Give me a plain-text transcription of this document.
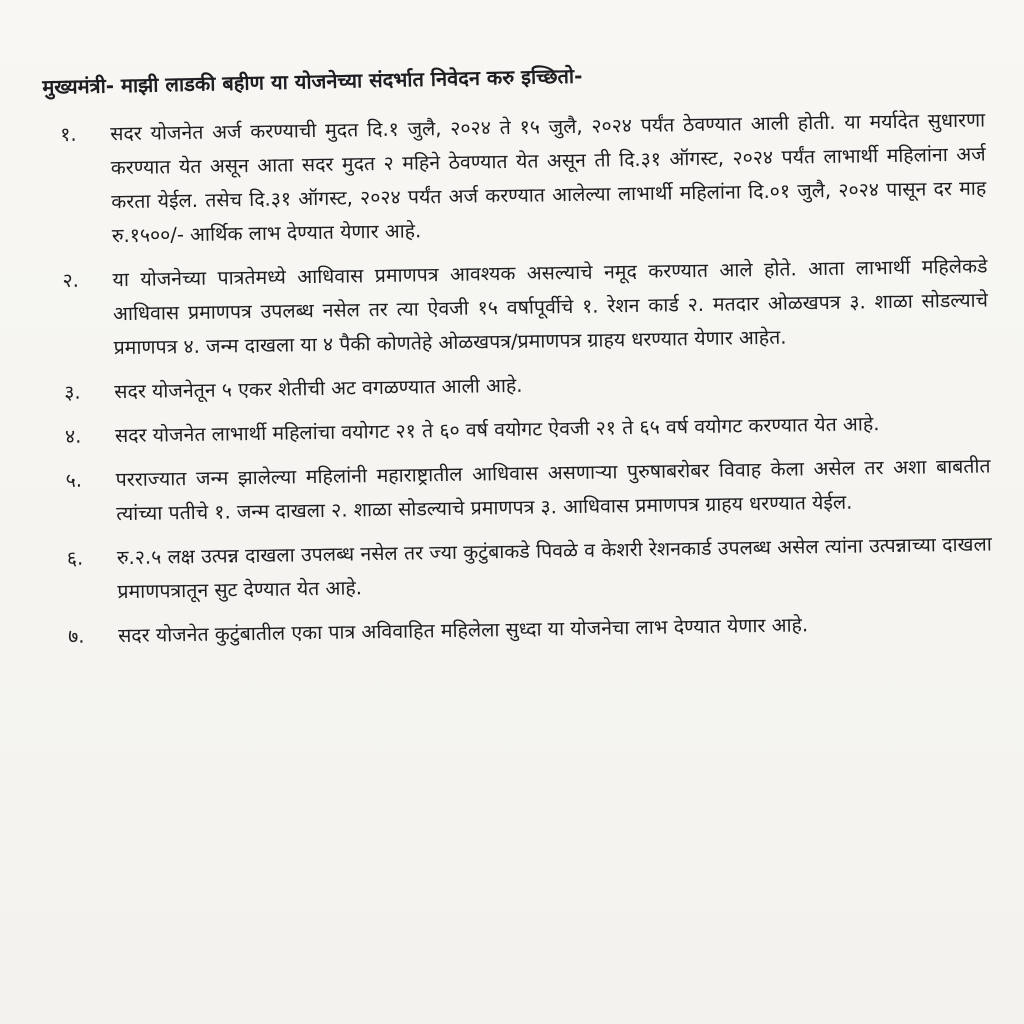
मुख्यमंत्री- माझी लाडकी बहीण या योजनेच्या संदर्भात निवेदन करु इच्छितो-
१.	सदर योजनेत अर्ज करण्याची मुदत दि.१ जुलै, २०२४ ते १५ जुलै, २०२४ पर्यंत ठेवण्यात आली होती. या मर्यादेत सुधारणा करण्यात येत असून आता सदर मुदत २ महिने ठेवण्यात येत असून ती दि.३१ ऑगस्ट, २०२४ पर्यंत लाभार्थी महिलांना अर्ज करता येईल. तसेच दि.३१ ऑगस्ट, २०२४ पर्यंत अर्ज करण्यात आलेल्या लाभार्थी महिलांना दि.०१ जुलै, २०२४ पासून दर माह रु.१५००/- आर्थिक लाभ देण्यात येणार आहे.
२.	या योजनेच्या पात्रतेमध्ये आधिवास प्रमाणपत्र आवश्यक असल्याचे नमूद करण्यात आले होते. आता लाभार्थी महिलेकडे आधिवास प्रमाणपत्र उपलब्ध नसेल तर त्या ऐवजी १५ वर्षापूर्वीचे १. रेशन कार्ड २. मतदार ओळखपत्र ३. शाळा सोडल्याचे प्रमाणपत्र ४. जन्म दाखला या ४ पैकी कोणतेहे ओळखपत्र/प्रमाणपत्र ग्राहय धरण्यात येणार आहेत.
३.	सदर योजनेतून ५ एकर शेतीची अट वगळण्यात आली आहे.
४.	सदर योजनेत लाभार्थी महिलांचा वयोगट २१ ते ६० वर्ष वयोगट ऐवजी २१ ते ६५ वर्ष वयोगट करण्यात येत आहे.
५.	परराज्यात जन्म झालेल्या महिलांनी महाराष्ट्रातील आधिवास असणाऱ्या पुरुषाबरोबर विवाह केला असेल तर अशा बाबतीत त्यांच्या पतीचे १. जन्म दाखला २. शाळा सोडल्याचे प्रमाणपत्र ३. आधिवास प्रमाणपत्र ग्राहय धरण्यात येईल.
६.	रु.२.५ लक्ष उत्पन्न दाखला उपलब्ध नसेल तर ज्या कुटुंबाकडे पिवळे व केशरी रेशनकार्ड उपलब्ध असेल त्यांना उत्पन्नाच्या दाखला प्रमाणपत्रातून सुट देण्यात येत आहे.
७.	सदर योजनेत कुटुंबातील एका पात्र अविवाहित महिलेला सुध्दा या योजनेचा लाभ देण्यात येणार आहे.
